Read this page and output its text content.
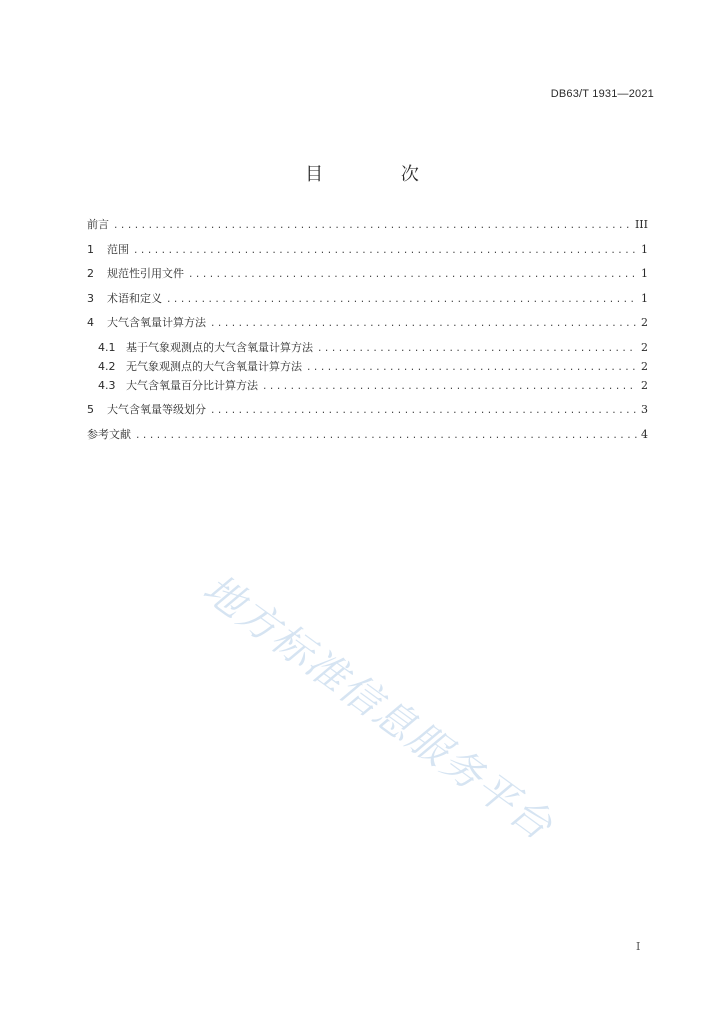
DB63/T 1931—2021
目 次
前言 .....	III
1	范围 .....	1
2	规范性引用文件 .....	1
3	术语和定义 .....	1
4	大气含氧量计算方法 .....	2
4.1 基于气象观测点的大气含氧量计算方法 .....	2
4.2 无气象观测点的大气含氧量计算方法 .....	2
4.3 大气含氧量百分比计算方法 .....	2
5	大气含氧量等级划分 .....	3
参考文献 .....	4
地方标准信息服务平台
I
